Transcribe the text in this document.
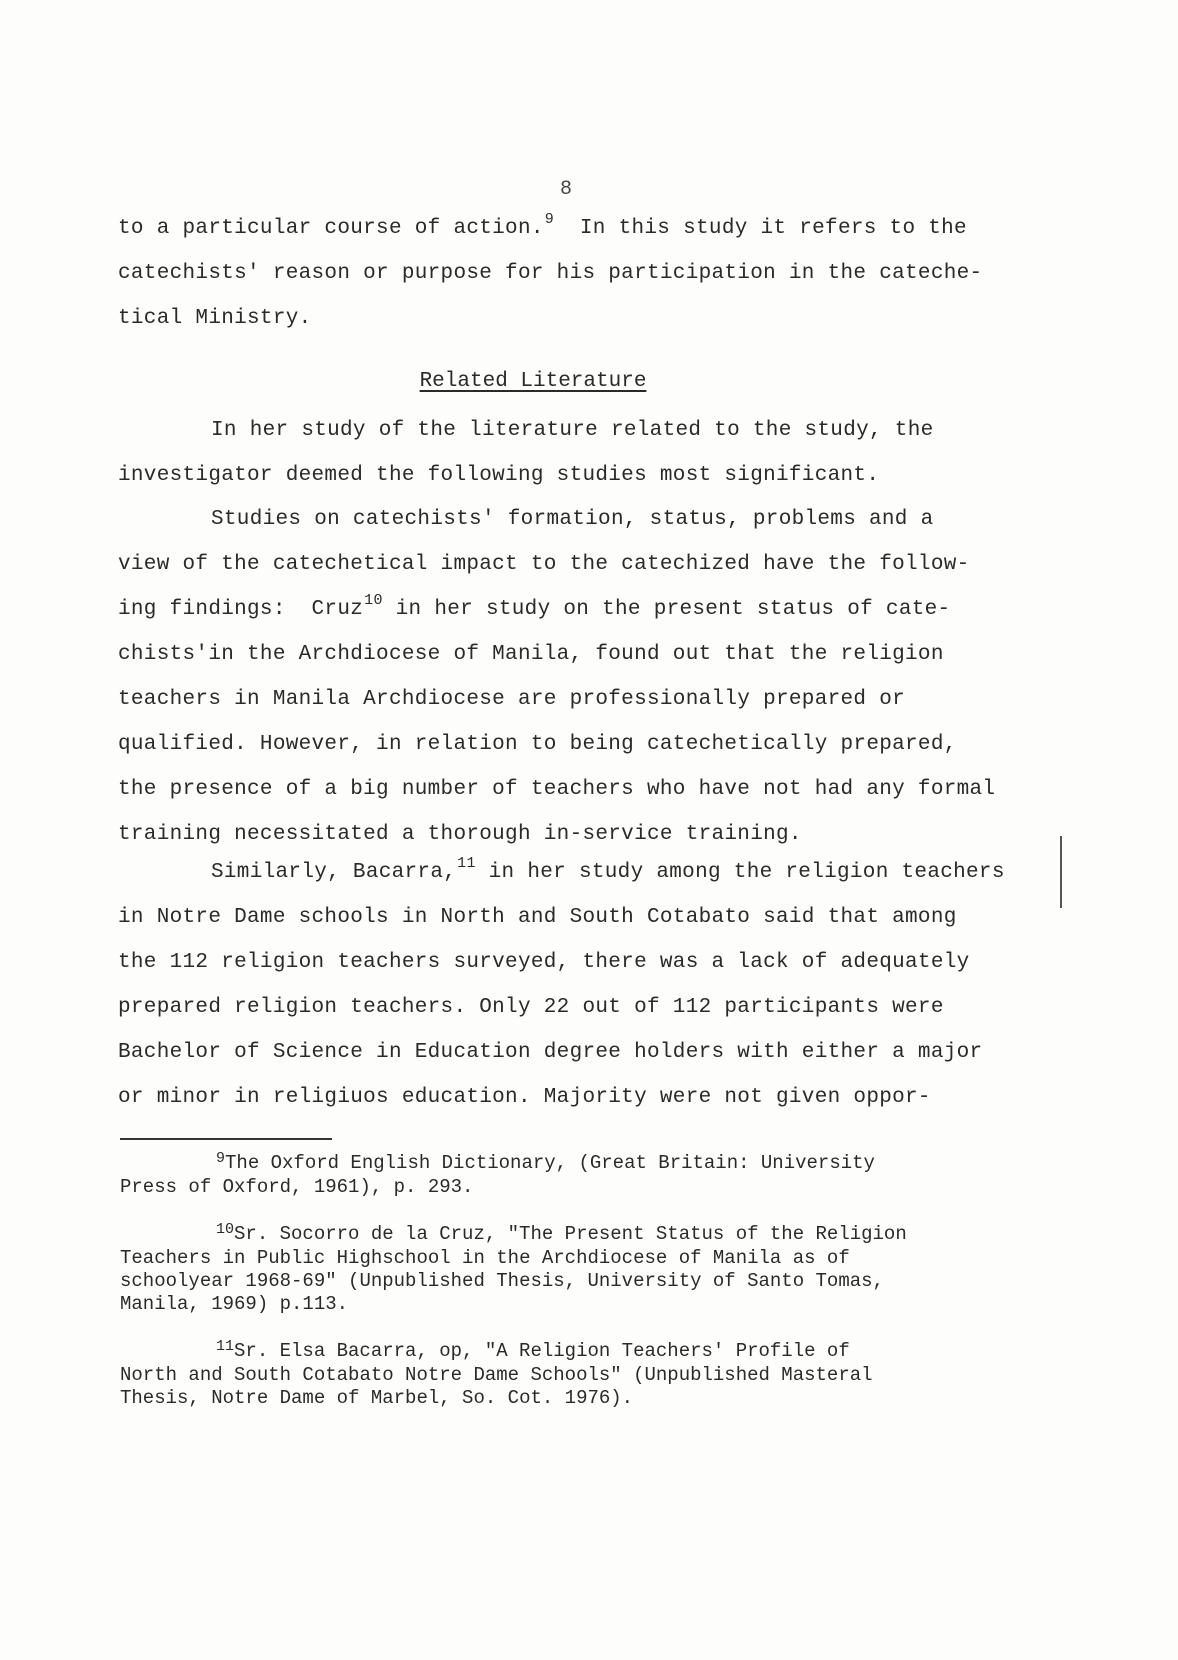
8
to a particular course of action.$^9$  In this study it refers to the
catechists' reason or purpose for his participation in the cateche-
tical Ministry.
Related Literature
In her study of the literature related to the study, the
investigator deemed the following studies most significant.
Studies on catechists' formation, status, problems and a
view of the catechetical impact to the catechized have the follow-
ing findings:  Cruz$^{10}$ in her study on the present status of cate-
chists'in the Archdiocese of Manila, found out that the religion
teachers in Manila Archdiocese are professionally prepared or
qualified. However, in relation to being catechetically prepared,
the presence of a big number of teachers who have not had any formal
training necessitated a thorough in-service training.
Similarly, Bacarra,$^{11}$ in her study among the religion teachers
in Notre Dame schools in North and South Cotabato said that among
the 112 religion teachers surveyed, there was a lack of adequately
prepared religion teachers. Only 22 out of 112 participants were
Bachelor of Science in Education degree holders with either a major
or minor in religiuos education. Majority were not given oppor-
$^9$The Oxford English Dictionary, (Great Britain: University
Press of Oxford, 1961), p. 293.
$^{10}$Sr. Socorro de la Cruz, "The Present Status of the Religion
Teachers in Public Highschool in the Archdiocese of Manila as of
schoolyear 1968-69" (Unpublished Thesis, University of Santo Tomas,
Manila, 1969) p.113.
$^{11}$Sr. Elsa Bacarra, op, "A Religion Teachers' Profile of
North and South Cotabato Notre Dame Schools" (Unpublished Masteral
Thesis, Notre Dame of Marbel, So. Cot. 1976).
